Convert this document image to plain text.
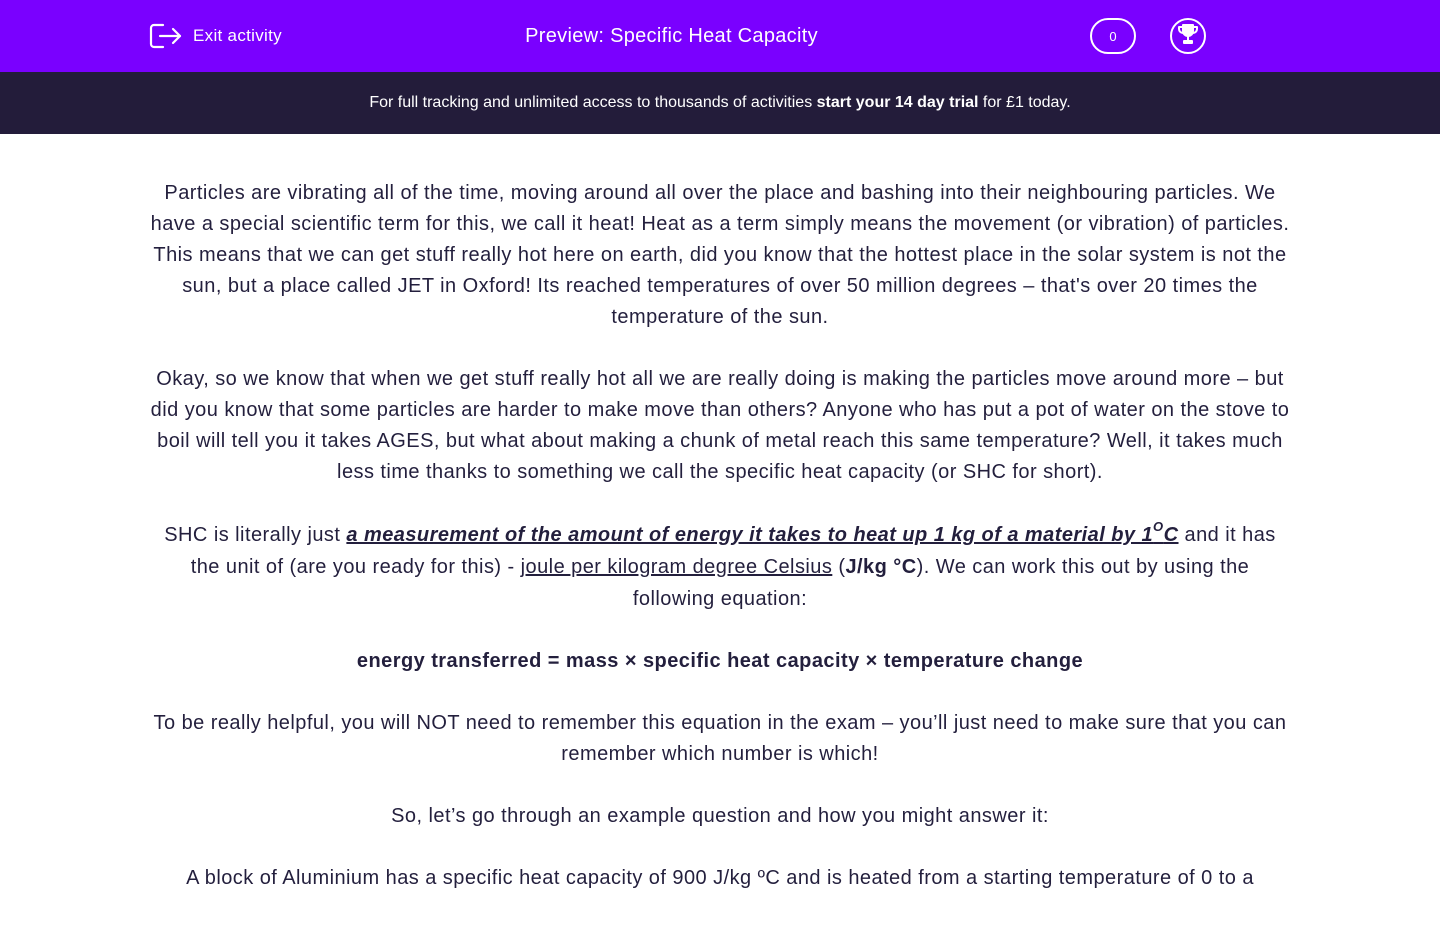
Exit activity	Preview: Specific Heat Capacity	0
For full tracking and unlimited access to thousands of activities start your 14 day trial for £1 today.

Particles are vibrating all of the time, moving around all over the place and bashing into their neighbouring particles. We have a special scientific term for this, we call it heat! Heat as a term simply means the movement (or vibration) of particles. This means that we can get stuff really hot here on earth, did you know that the hottest place in the solar system is not the sun, but a place called JET in Oxford! Its reached temperatures of over 50 million degrees – that's over 20 times the temperature of the sun.

Okay, so we know that when we get stuff really hot all we are really doing is making the particles move around more – but did you know that some particles are harder to make move than others? Anyone who has put a pot of water on the stove to boil will tell you it takes AGES, but what about making a chunk of metal reach this same temperature? Well, it takes much less time thanks to something we call the specific heat capacity (or SHC for short).

SHC is literally just a measurement of the amount of energy it takes to heat up 1 kg of a material by $1^OC$ and it has the unit of (are you ready for this) - joule per kilogram degree Celsius (J/kg °C). We can work this out by using the following equation:

energy transferred = mass × specific heat capacity × temperature change

To be really helpful, you will NOT need to remember this equation in the exam – you’ll just need to make sure that you can remember which number is which!

So, let’s go through an example question and how you might answer it:

A block of Aluminium has a specific heat capacity of 900 J/kg ºC and is heated from a starting temperature of 0 to a
